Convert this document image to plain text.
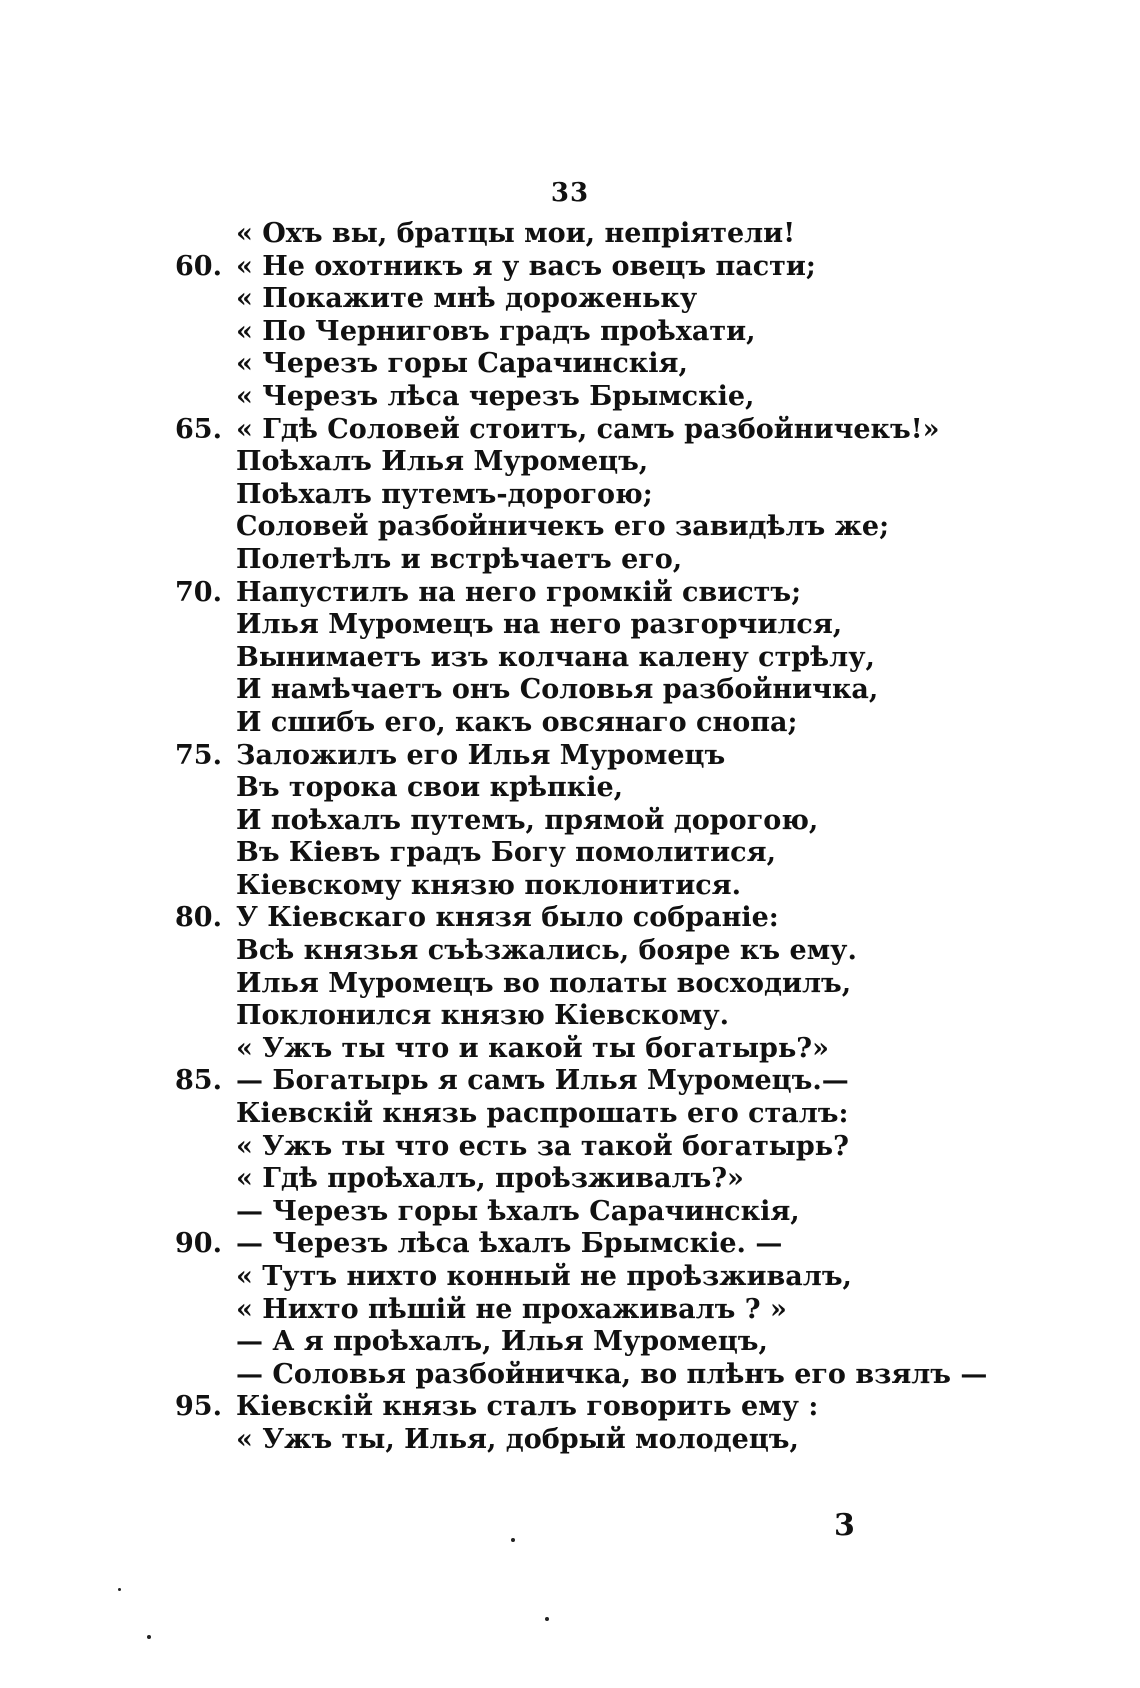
33
« Охъ вы, братцы мои, непріятели!
60. « Не охотникъ я у васъ овецъ пасти;
« Покажите мнѣ дороженьку
« По Черниговъ градъ проѣхати,
« Черезъ горы Сарачинскія,
« Черезъ лѣса черезъ Брымскіе,
65. « Гдѣ Соловей стоитъ, самъ разбойничекъ!»
Поѣхалъ Илья Муромецъ,
Поѣхалъ путемъ-дорогою;
Соловей разбойничекъ его завидѣлъ же;
Полетѣлъ и встрѣчаетъ его,
70. Напустилъ на него громкій свистъ;
Илья Муромецъ на него разгорчился,
Вынимаетъ изъ колчана калену стрѣлу,
И намѣчаетъ онъ Соловья разбойничка,
И сшибъ его, какъ овсянаго снопа;
75. Заложилъ его Илья Муромецъ
Въ торока свои крѣпкіе,
И поѣхалъ путемъ, прямой дорогою,
Въ Кіевъ градъ Богу помолитися,
Кіевскому князю поклонитися.
80. У Кіевскаго князя было собраніе:
Всѣ князья съѣзжались, бояре къ ему.
Илья Муромецъ во полаты восходилъ,
Поклонился князю Кіевскому.
« Ужъ ты что и какой ты богатырь?»
85. — Богатырь я самъ Илья Муромецъ.—
Кіевскій князь распрошать его сталъ:
« Ужъ ты что есть за такой богатырь?
« Гдѣ проѣхалъ, проѣзживалъ?»
— Черезъ горы ѣхалъ Сарачинскія,
90. — Черезъ лѣса ѣхалъ Брымскіе. —
« Тутъ нихто конный не проѣзживалъ,
« Нихто пѣшій не прохаживалъ ? »
— А я проѣхалъ, Илья Муромецъ,
— Соловья разбойничка, во плѣнъ его взялъ —
95. Кіевскій князь сталъ говорить ему :
« Ужъ ты, Илья, добрый молодецъ,
3
